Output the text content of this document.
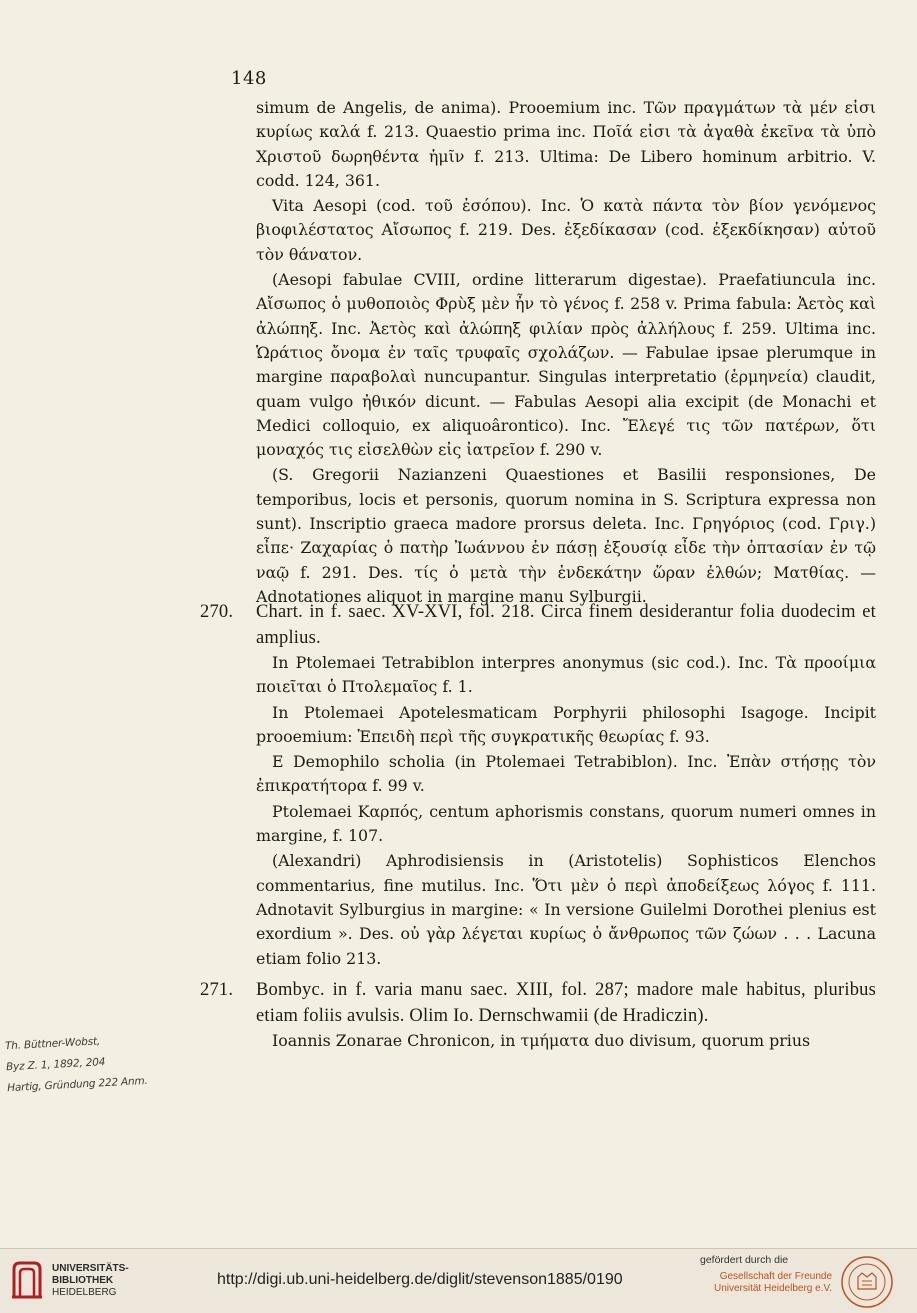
148

simum de Angelis, de anima). Prooemium inc. Τῶν πραγμάτων τὰ μέν εἰσι κυρίως καλά f. 213. Quaestio prima inc. Ποῖά εἰσι τὰ ἀγαθὰ ἐκεῖνα τὰ ὑπὸ Χριστοῦ δωρηθέντα ἡμῖν f. 213. Ultima: De Libero hominum arbitrio. V. codd. 124, 361.

Vita Aesopi (cod. τοῦ ἐσόπου). Inc. Ὁ κατὰ πάντα τὸν βίον γενόμενος βιοφιλέστατος Αἴσωπος f. 219. Des. ἐξεδίκασαν (cod. ἐξεκδίκησαν) αὐτοῦ τὸν θάνατον.

(Aesopi fabulae CVIII, ordine litterarum digestae). Praefatiuncula inc. Αἴσωπος ὁ μυθοποιὸς Φρὺξ μὲν ἦν τὸ γένος f. 258 v. Prima fabula: Ἀετὸς καὶ ἀλώπηξ. Inc. Ἀετὸς καὶ ἀλώπηξ φιλίαν πρὸς ἀλλήλους f. 259. Ultima inc. Ὡράτιος ὄνομα ἐν ταῖς τρυφαῖς σχολάζων. — Fabulae ipsae plerumque in margine παραβολαὶ nuncupantur. Singulas interpretatio (ἑρμηνεία) claudit, quam vulgo ἠθικόν dicunt. — Fabulas Aesopi alia excipit (de Monachi et Medici colloquio, ex aliquoârontico). Inc. Ἔλεγέ τις τῶν πατέρων, ὅτι μοναχός τις εἰσελθὼν εἰς ἰατρεῖον f. 290 v.

(S. Gregorii Nazianzeni Quaestiones et Basilii responsiones, De temporibus, locis et personis, quorum nomina in S. Scriptura expressa non sunt). Inscriptio graeca madore prorsus deleta. Inc. Γρηγόριος (cod. Γριγ.) εἶπε· Ζαχαρίας ὁ πατὴρ Ἰωάννου ἐν πάσῃ ἐξουσίᾳ εἶδε τὴν ὀπτασίαν ἐν τῷ ναῷ f. 291. Des. τίς ὁ μετὰ τὴν ἑνδεκάτην ὥραν ἐλθών; Ματθίας. — Adnotationes aliquot in margine manu Sylburgii.

270. Chart. in f. saec. XV-XVI, fol. 218. Circa finem desiderantur folia duodecim et amplius.

In Ptolemaei Tetrabiblon interpres anonymus (sic cod.). Inc. Τὰ προοίμια ποιεῖται ὁ Πτολεμαῖος f. 1.

In Ptolemaei Apotelesmaticam Porphyrii philosophi Isagoge. Incipit prooemium: Ἐπειδὴ περὶ τῆς συγκρατικῆς θεωρίας f. 93.

E Demophilo scholia (in Ptolemaei Tetrabiblon). Inc. Ἐπὰν στήσῃς τὸν ἐπικρατήτορα f. 99 v.

Ptolemaei Καρπός, centum aphorismis constans, quorum numeri omnes in margine, f. 107.

(Alexandri) Aphrodisiensis in (Aristotelis) Sophisticos Elenchos commentarius, fine mutilus. Inc. Ὅτι μὲν ὁ περὶ ἀποδείξεως λόγος f. 111. Adnotavit Sylburgius in margine: « In versione Guilelmi Dorothei plenius est exordium ». Des. οὐ γὰρ λέγεται κυρίως ὁ ἄνθρωπος τῶν ζώων . . . Lacuna etiam folio 213.

271. Bombyc. in f. varia manu saec. XIII, fol. 287; madore male habitus, pluribus etiam foliis avulsis. Olim Io. Dernschwamii (de Hradiczin).

Ioannis Zonarae Chronicon, in τμήματα duo divisum, quorum prius

Th. Büttner-Wobst,
Byz Z. 1, 1892, 204
Hartig, Gründung 222 Anm.
UNIVERSITÄTS-
BIBLIOTHEK
HEIDELBERG
http://digi.ub.uni-heidelberg.de/diglit/stevenson1885/0190
gefördert durch die
Gesellschaft der Freunde
Universität Heidelberg e.V.
